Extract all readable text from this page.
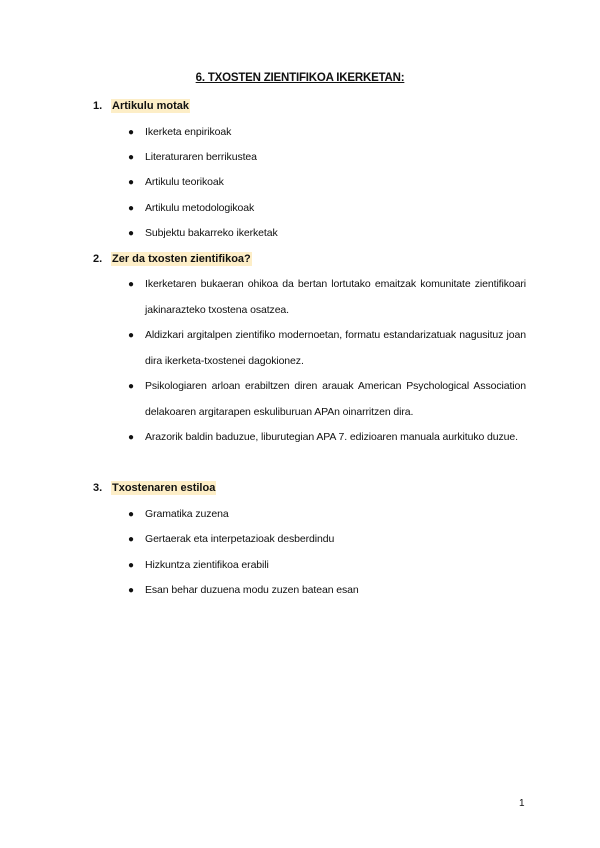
6. TXOSTEN ZIENTIFIKOA IKERKETAN:
1. Artikulu motak
● Ikerketa enpirikoak
● Literaturaren berrikustea
● Artikulu teorikoak
● Artikulu metodologikoak
● Subjektu bakarreko ikerketak
2. Zer da txosten zientifikoa?
● Ikerketaren bukaeran ohikoa da bertan lortutako emaitzak komunitate zientifikoari jakinarazteko txostena osatzea.
● Aldizkari argitalpen zientifiko modernoetan, formatu estandarizatuak nagusituz joan dira ikerketa-txostenei dagokionez.
● Psikologiaren arloan erabiltzen diren arauak American Psychological Association delakoaren argitarapen eskuliburuan APAn oinarritzen dira.
● Arazorik baldin baduzue, liburutegian APA 7. edizioaren manuala aurkituko duzue.
3. Txostenaren estiloa
● Gramatika zuzena
● Gertaerak eta interpetazioak desberdindu
● Hizkuntza zientifikoa erabili
● Esan behar duzuena modu zuzen batean esan
1
